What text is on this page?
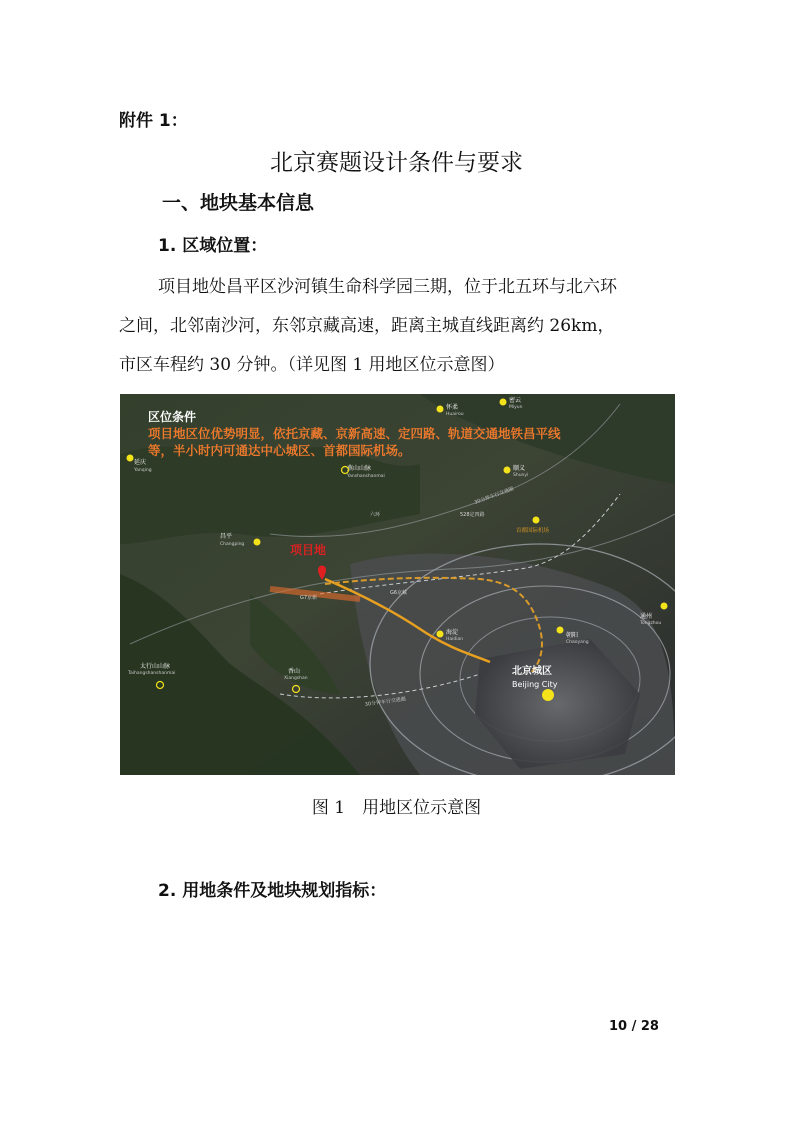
附件 1：
北京赛题设计条件与要求
一、地块基本信息
1. 区域位置：
项目地处昌平区沙河镇生命科学园三期，位于北五环与北六环
之间，北邻南沙河，东邻京藏高速，距离主城直线距离约 26km，
市区车程约 30 分钟。（详见图 1 用地区位示意图）
区位条件
项目地区位优势明显，依托京藏、京新高速、定四路、轨道交通地铁昌平线
等，半小时内可通达中心城区、首都国际机场。
延庆
Yanqing
怀柔
Huairou
密云
Miyun
燕山山脉
Yanshanshanmai
顺义
Shunyi
首都国际机场
昌平
Changping
海淀
Haidian
朝阳
Chaoyang
通州
Tongzhou
太行山山脉
Taihangshanshanmai	香山
Xiangshan
项目地
G7京新
G6京藏
528定四路
六环
30分钟车行交通圈
30分钟车行交通圈
北京城区
Beijing City
图 1　用地区位示意图
2. 用地条件及地块规划指标：
10 / 28
